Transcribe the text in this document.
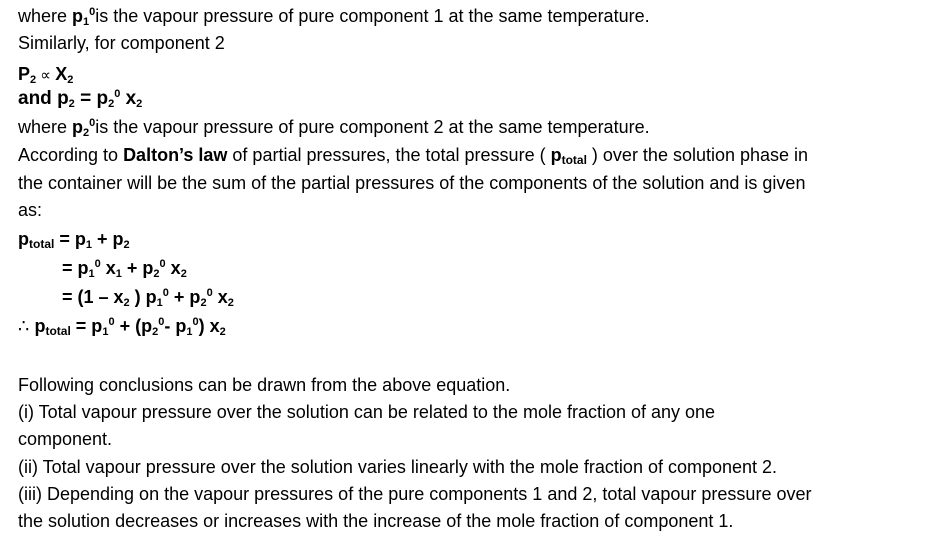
where $p_1^0is$ the vapour pressure of pure component 1 at the same temperature.
Similarly, for component 2
$P_2 \propto X_2$
and $p_2 = p_2^0$ $x_2$
where $p_2^0is$ the vapour pressure of pure component 2 at the same temperature.
According to Dalton’s law of partial pressures, the total pressure ( ptotal ) over the solution phase in
the container will be the sum of the partial pressures of the components of the solution and is given
as:
ptotal = $p_1 + p_2$
= $p_1^0$ $x_1 + p_2^0$ $x_2$
= ($1 - x_2$ ) $p_1^0 + p_2^0$ $x_2$
∴ ptotal = $p_1^0 + (p_2^0-$ $p_1^0$) $x_2$
Following conclusions can be drawn from the above equation.
(i) Total vapour pressure over the solution can be related to the mole fraction of any one
component.
(ii) Total vapour pressure over the solution varies linearly with the mole fraction of component 2.
(iii) Depending on the vapour pressures of the pure components 1 and 2, total vapour pressure over
the solution decreases or increases with the increase of the mole fraction of component 1.
